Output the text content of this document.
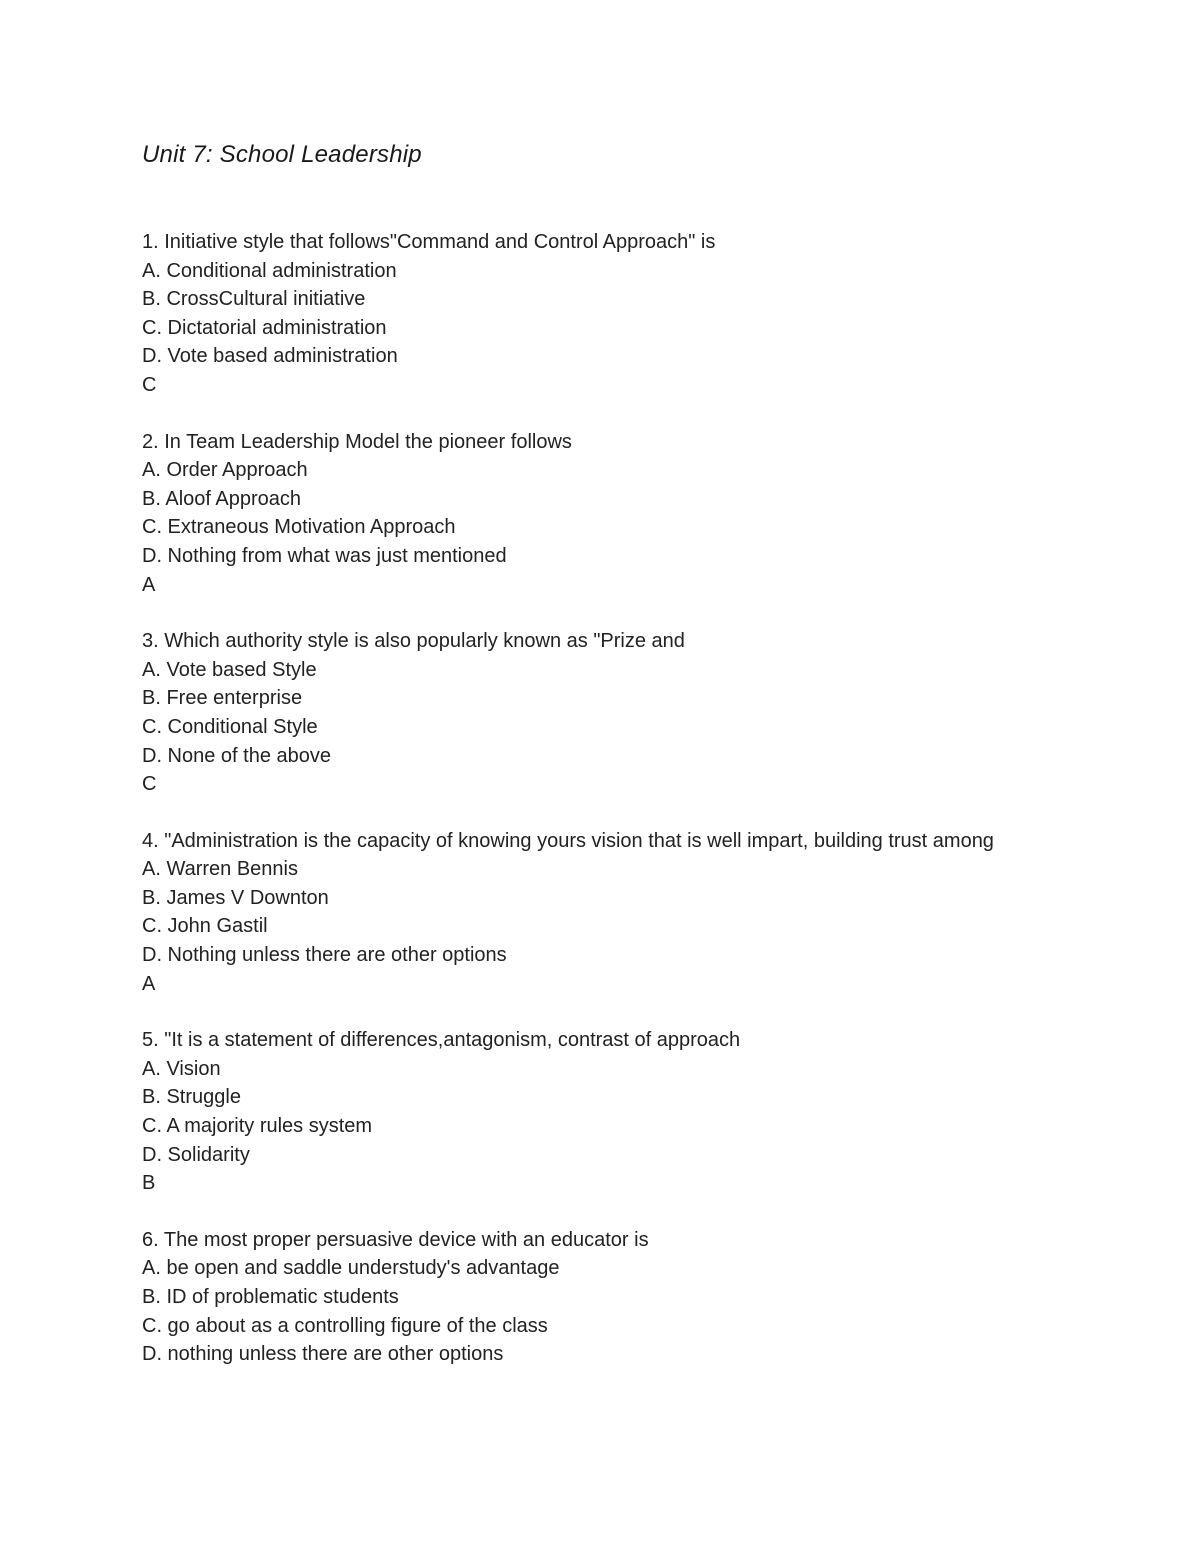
Unit 7: School Leadership

1. Initiative style that follows"Command and Control Approach" is

A. Conditional administration

B. CrossCultural initiative

C. Dictatorial administration

D. Vote based administration

C

2. In Team Leadership Model the pioneer follows

A. Order Approach

B. Aloof Approach

C. Extraneous Motivation Approach

D. Nothing from what was just mentioned

A

3. Which authority style is also popularly known as "Prize and

A. Vote based Style

B. Free enterprise

C. Conditional Style

D. None of the above

C

4. "Administration is the capacity of knowing yours vision that is well impart, building trust among

A. Warren Bennis

B. James V Downton

C. John Gastil

D. Nothing unless there are other options

A

5. "It is a statement of differences,antagonism, contrast of approach

A. Vision

B. Struggle

C. A majority rules system

D. Solidarity

B

6. The most proper persuasive device with an educator is

A. be open and saddle understudy's advantage

B. ID of problematic students

C. go about as a controlling figure of the class

D. nothing unless there are other options
